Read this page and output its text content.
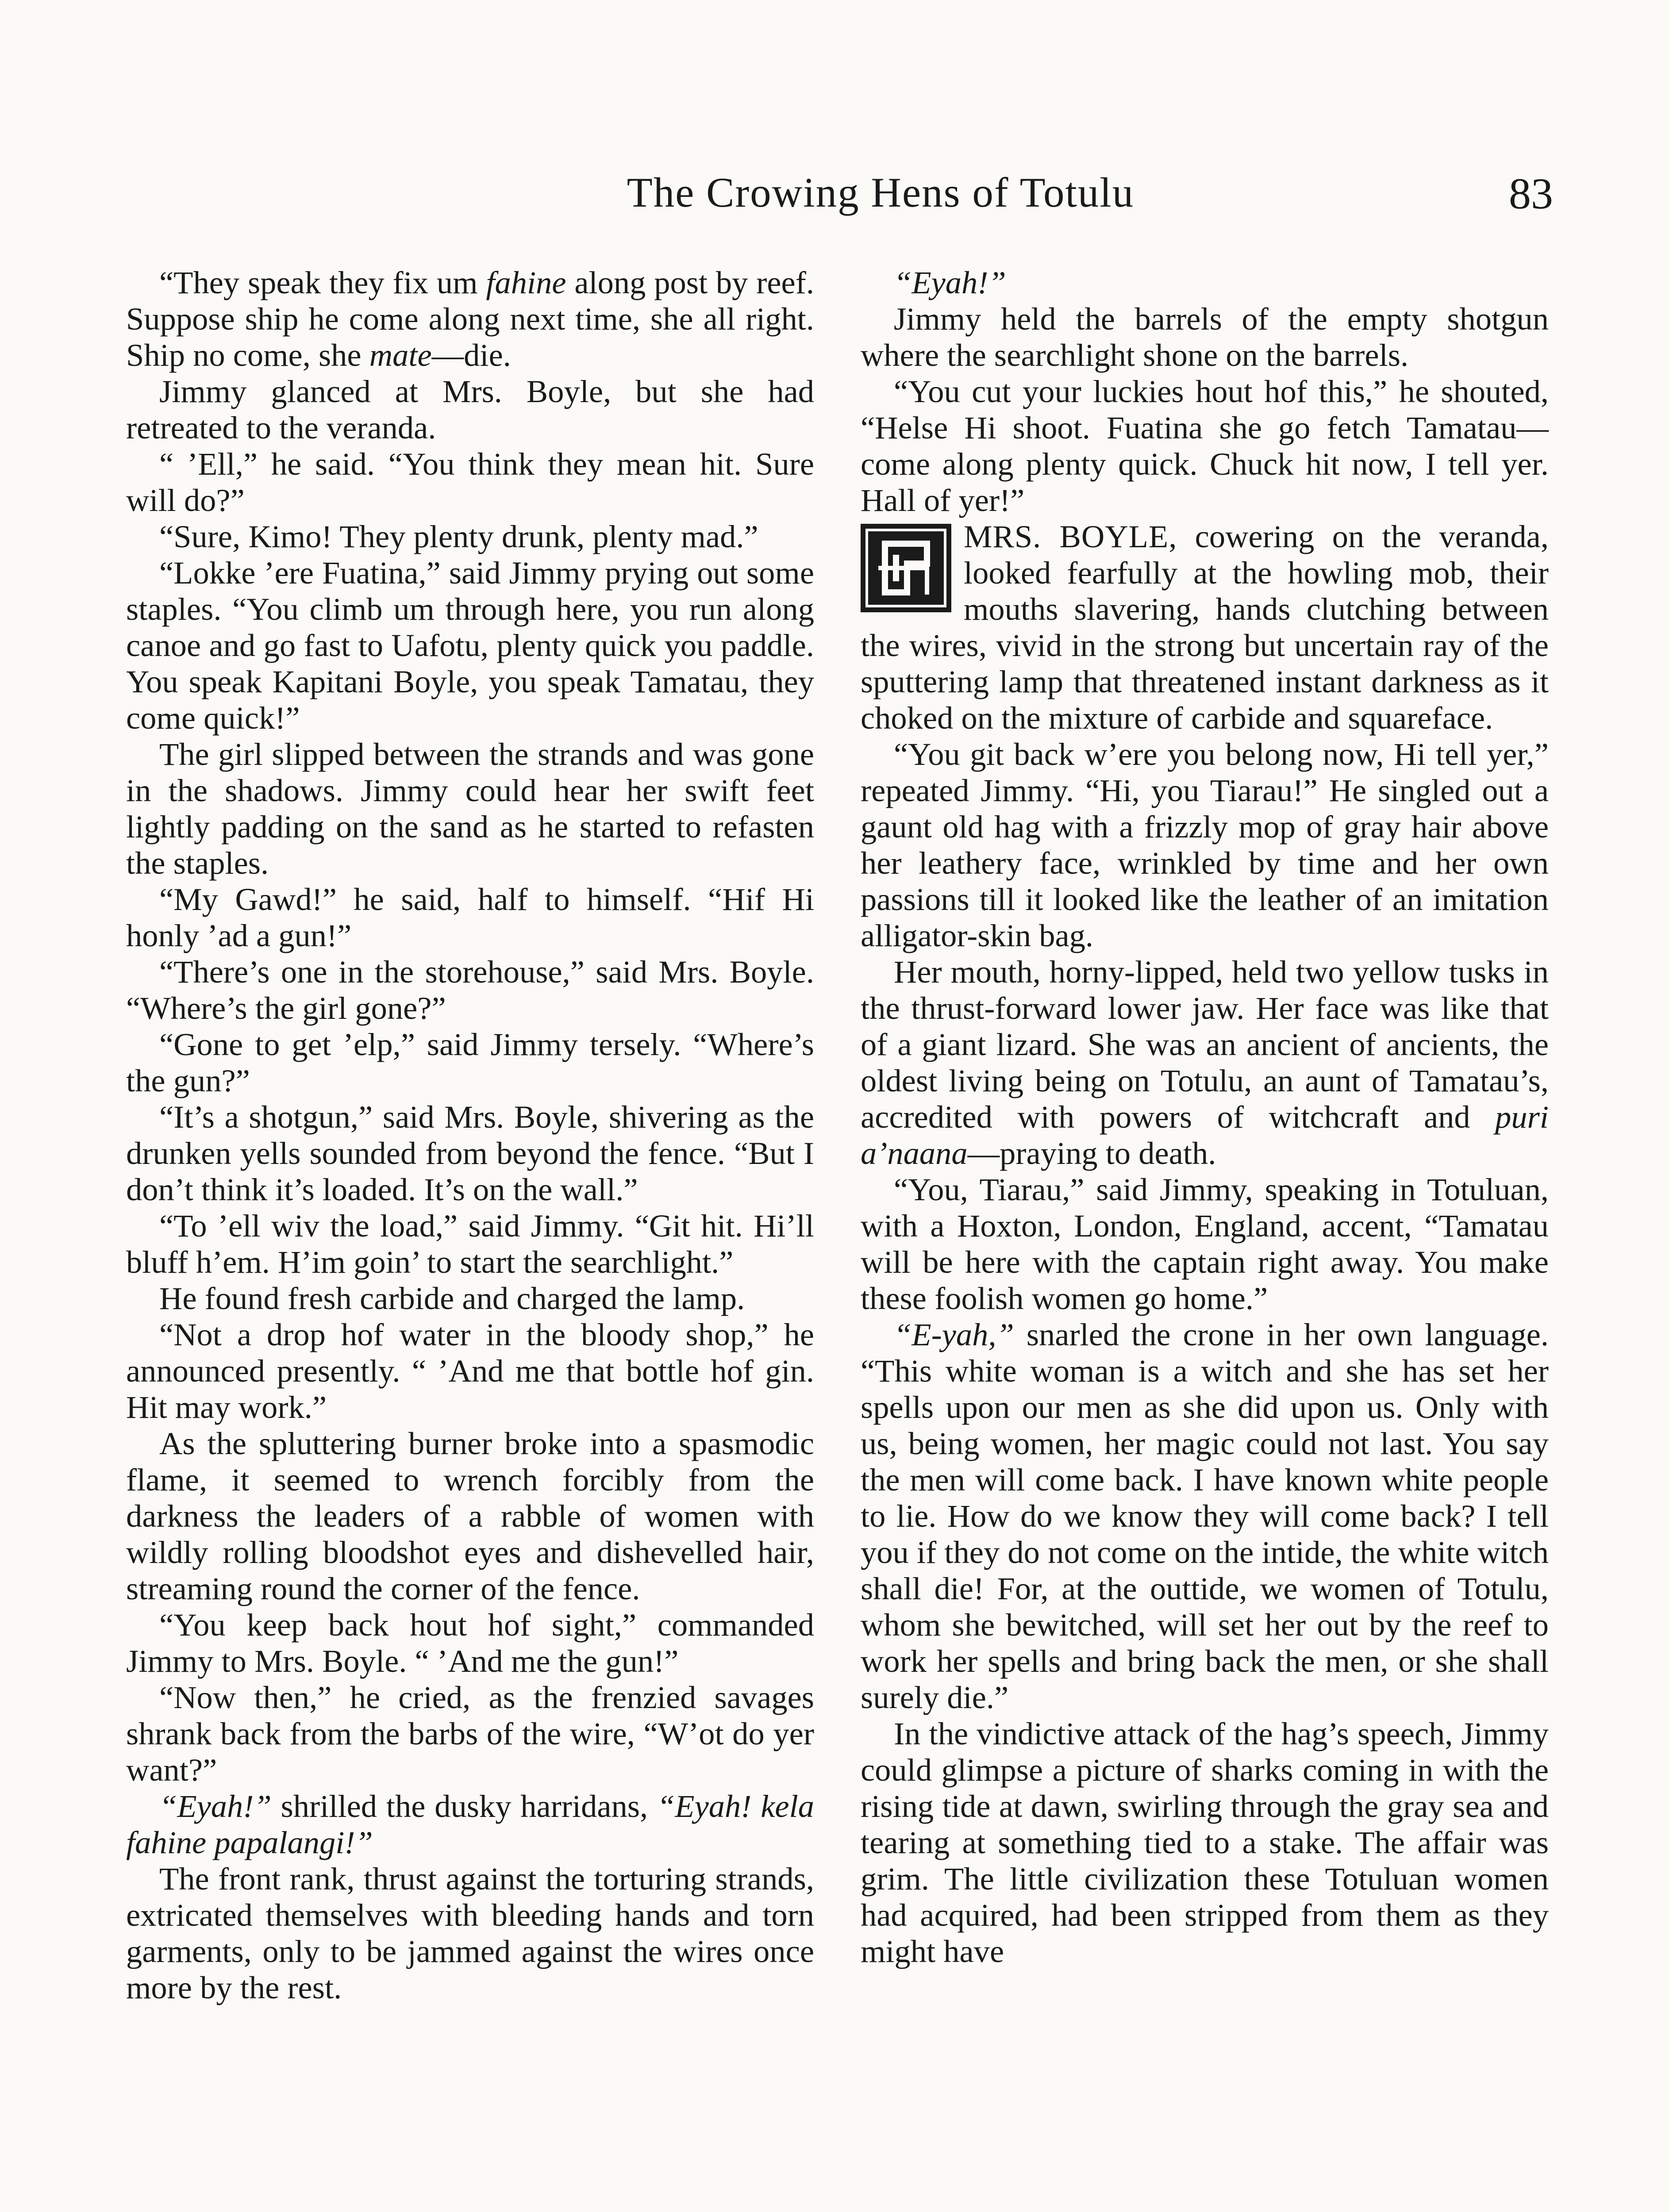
The Crowing Hens of Totulu	83

“They speak they fix um fahine along post by reef. Suppose ship he come along next time, she all right. Ship no come, she mate—die.

Jimmy glanced at Mrs. Boyle, but she had retreated to the veranda.

“ ’Ell,” he said. “You think they mean hit. Sure will do?”

“Sure, Kimo! They plenty drunk, plenty mad.”

“Lokke ’ere Fuatina,” said Jimmy prying out some staples. “You climb um through here, you run along canoe and go fast to Uafotu, plenty quick you paddle. You speak Kapitani Boyle, you speak Tamatau, they come quick!”

The girl slipped between the strands and was gone in the shadows. Jimmy could hear her swift feet lightly padding on the sand as he started to refasten the staples.

“My Gawd!” he said, half to himself. “Hif Hi honly ’ad a gun!”

“There’s one in the storehouse,” said Mrs. Boyle. “Where’s the girl gone?”

“Gone to get ’elp,” said Jimmy tersely. “Where’s the gun?”

“It’s a shotgun,” said Mrs. Boyle, shivering as the drunken yells sounded from beyond the fence. “But I don’t think it’s loaded. It’s on the wall.”

“To ’ell wiv the load,” said Jimmy. “Git hit. Hi’ll bluff h’em. H’im goin’ to start the searchlight.”

He found fresh carbide and charged the lamp.

“Not a drop hof water in the bloody shop,” he announced presently. “ ’And me that bottle hof gin. Hit may work.”

As the spluttering burner broke into a spasmodic flame, it seemed to wrench forcibly from the darkness the leaders of a rabble of women with wildly rolling bloodshot eyes and dishevelled hair, streaming round the corner of the fence.

“You keep back hout hof sight,” commanded Jimmy to Mrs. Boyle. “ ’And me the gun!”

“Now then,” he cried, as the frenzied savages shrank back from the barbs of the wire, “W’ot do yer want?”

“Eyah!” shrilled the dusky harridans, “Eyah! kela fahine papalangi!”

The front rank, thrust against the torturing strands, extricated themselves with bleeding hands and torn garments, only to be jammed against the wires once more by the rest.

“Eyah!”

Jimmy held the barrels of the empty shotgun where the searchlight shone on the barrels.

“You cut your luckies hout hof this,” he shouted, “Helse Hi shoot. Fuatina she go fetch Tamatau—come along plenty quick. Chuck hit now, I tell yer. Hall of yer!”

MRS. BOYLE, cowering on the veranda, looked fearfully at the howling mob, their mouths slavering, hands clutching between the wires, vivid in the strong but uncertain ray of the sputtering lamp that threatened instant darkness as it choked on the mixture of carbide and squareface.

“You git back w’ere you belong now, Hi tell yer,” repeated Jimmy. “Hi, you Tiarau!” He singled out a gaunt old hag with a frizzly mop of gray hair above her leathery face, wrinkled by time and her own passions till it looked like the leather of an imitation alligator-skin bag.

Her mouth, horny-lipped, held two yellow tusks in the thrust-forward lower jaw. Her face was like that of a giant lizard. She was an ancient of ancients, the oldest living being on Totulu, an aunt of Tamatau’s, accredited with powers of witchcraft and puri a’naana—praying to death.

“You, Tiarau,” said Jimmy, speaking in Totuluan, with a Hoxton, London, England, accent, “Tamatau will be here with the captain right away. You make these foolish women go home.”

“E-yah,” snarled the crone in her own language. “This white woman is a witch and she has set her spells upon our men as she did upon us. Only with us, being women, her magic could not last. You say the men will come back. I have known white people to lie. How do we know they will come back? I tell you if they do not come on the intide, the white witch shall die! For, at the outtide, we women of Totulu, whom she bewitched, will set her out by the reef to work her spells and bring back the men, or she shall surely die.”

In the vindictive attack of the hag’s speech, Jimmy could glimpse a picture of sharks coming in with the rising tide at dawn, swirling through the gray sea and tearing at something tied to a stake. The affair was grim. The little civilization these Totuluan women had acquired, had been stripped from them as they might have
